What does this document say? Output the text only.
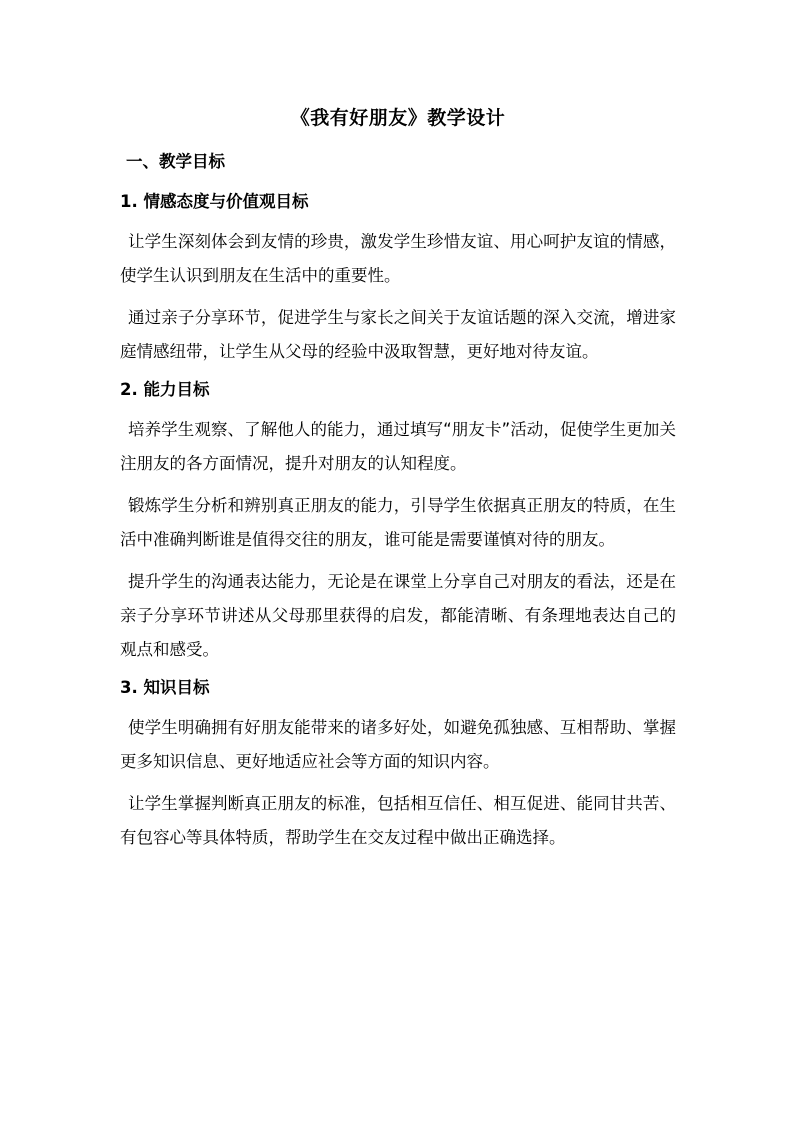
《我有好朋友》教学设计
一、教学目标
1. 情感态度与价值观目标

让学生深刻体会到友情的珍贵，激发学生珍惜友谊、用心呵护友谊的情感，使学生认识到朋友在生活中的重要性。

通过亲子分享环节，促进学生与家长之间关于友谊话题的深入交流，增进家庭情感纽带，让学生从父母的经验中汲取智慧，更好地对待友谊。

2. 能力目标

培养学生观察、了解他人的能力，通过填写“朋友卡”活动，促使学生更加关注朋友的各方面情况，提升对朋友的认知程度。

锻炼学生分析和辨别真正朋友的能力，引导学生依据真正朋友的特质，在生活中准确判断谁是值得交往的朋友，谁可能是需要谨慎对待的朋友。

提升学生的沟通表达能力，无论是在课堂上分享自己对朋友的看法，还是在亲子分享环节讲述从父母那里获得的启发，都能清晰、有条理地表达自己的观点和感受。

3. 知识目标

使学生明确拥有好朋友能带来的诸多好处，如避免孤独感、互相帮助、掌握更多知识信息、更好地适应社会等方面的知识内容。

让学生掌握判断真正朋友的标准，包括相互信任、相互促进、能同甘共苦、有包容心等具体特质，帮助学生在交友过程中做出正确选择。
